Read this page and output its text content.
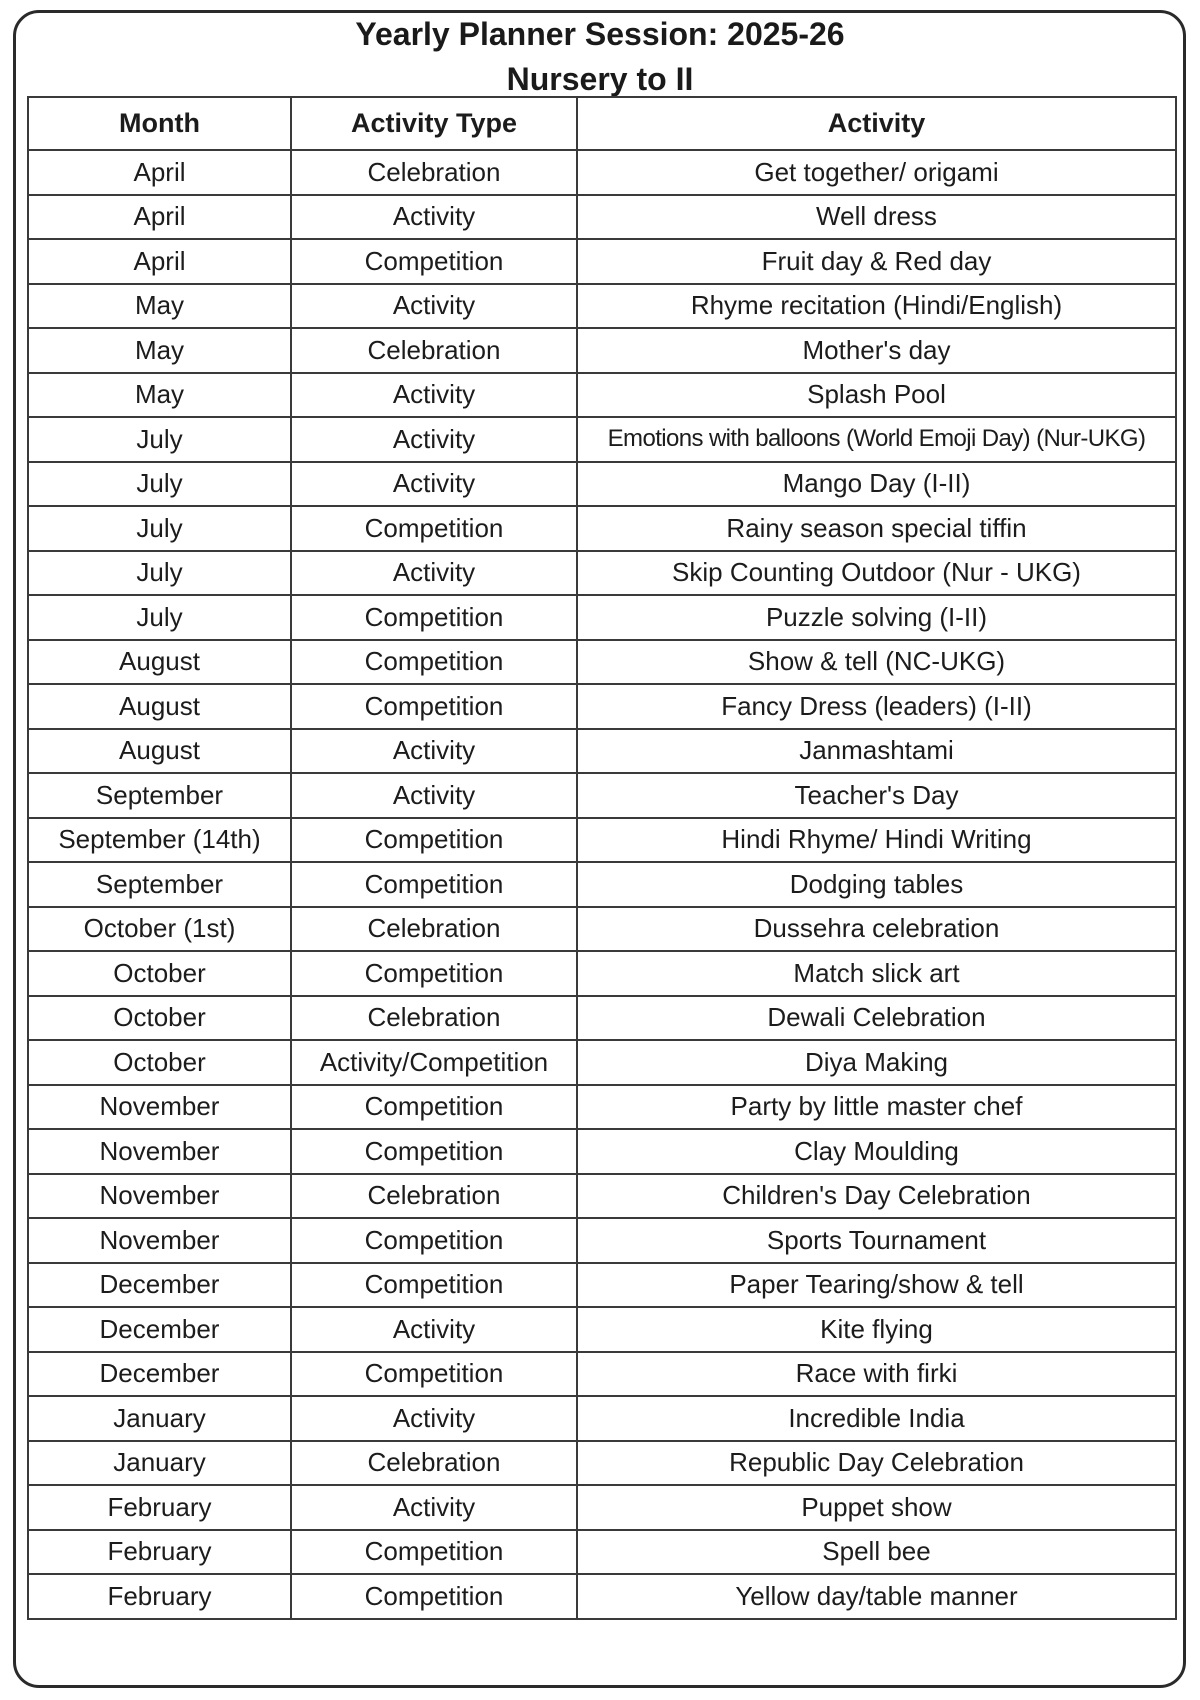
Yearly Planner Session: 2025-26
Nursery to II
Month	Activity Type	Activity
April	Celebration	Get together/ origami
April	Activity	Well dress
April	Competition	Fruit day & Red day
May	Activity	Rhyme recitation (Hindi/English)
May	Celebration	Mother's day
May	Activity	Splash Pool
July	Activity	Emotions with balloons (World Emoji Day) (Nur-UKG)
July	Activity	Mango Day (I-II)
July	Competition	Rainy season special tiffin
July	Activity	Skip Counting Outdoor (Nur - UKG)
July	Competition	Puzzle solving (I-II)
August	Competition	Show & tell (NC-UKG)
August	Competition	Fancy Dress (leaders) (I-II)
August	Activity	Janmashtami
September	Activity	Teacher's Day
September (14th)	Competition	Hindi Rhyme/ Hindi Writing
September	Competition	Dodging tables
October (1st)	Celebration	Dussehra celebration
October	Competition	Match slick art
October	Celebration	Dewali Celebration
October	Activity/Competition	Diya Making
November	Competition	Party by little master chef
November	Competition	Clay Moulding
November	Celebration	Children's Day Celebration
November	Competition	Sports Tournament
December	Competition	Paper Tearing/show & tell
December	Activity	Kite flying
December	Competition	Race with firki
January	Activity	Incredible India
January	Celebration	Republic Day Celebration
February	Activity	Puppet show
February	Competition	Spell bee
February	Competition	Yellow day/table manner
